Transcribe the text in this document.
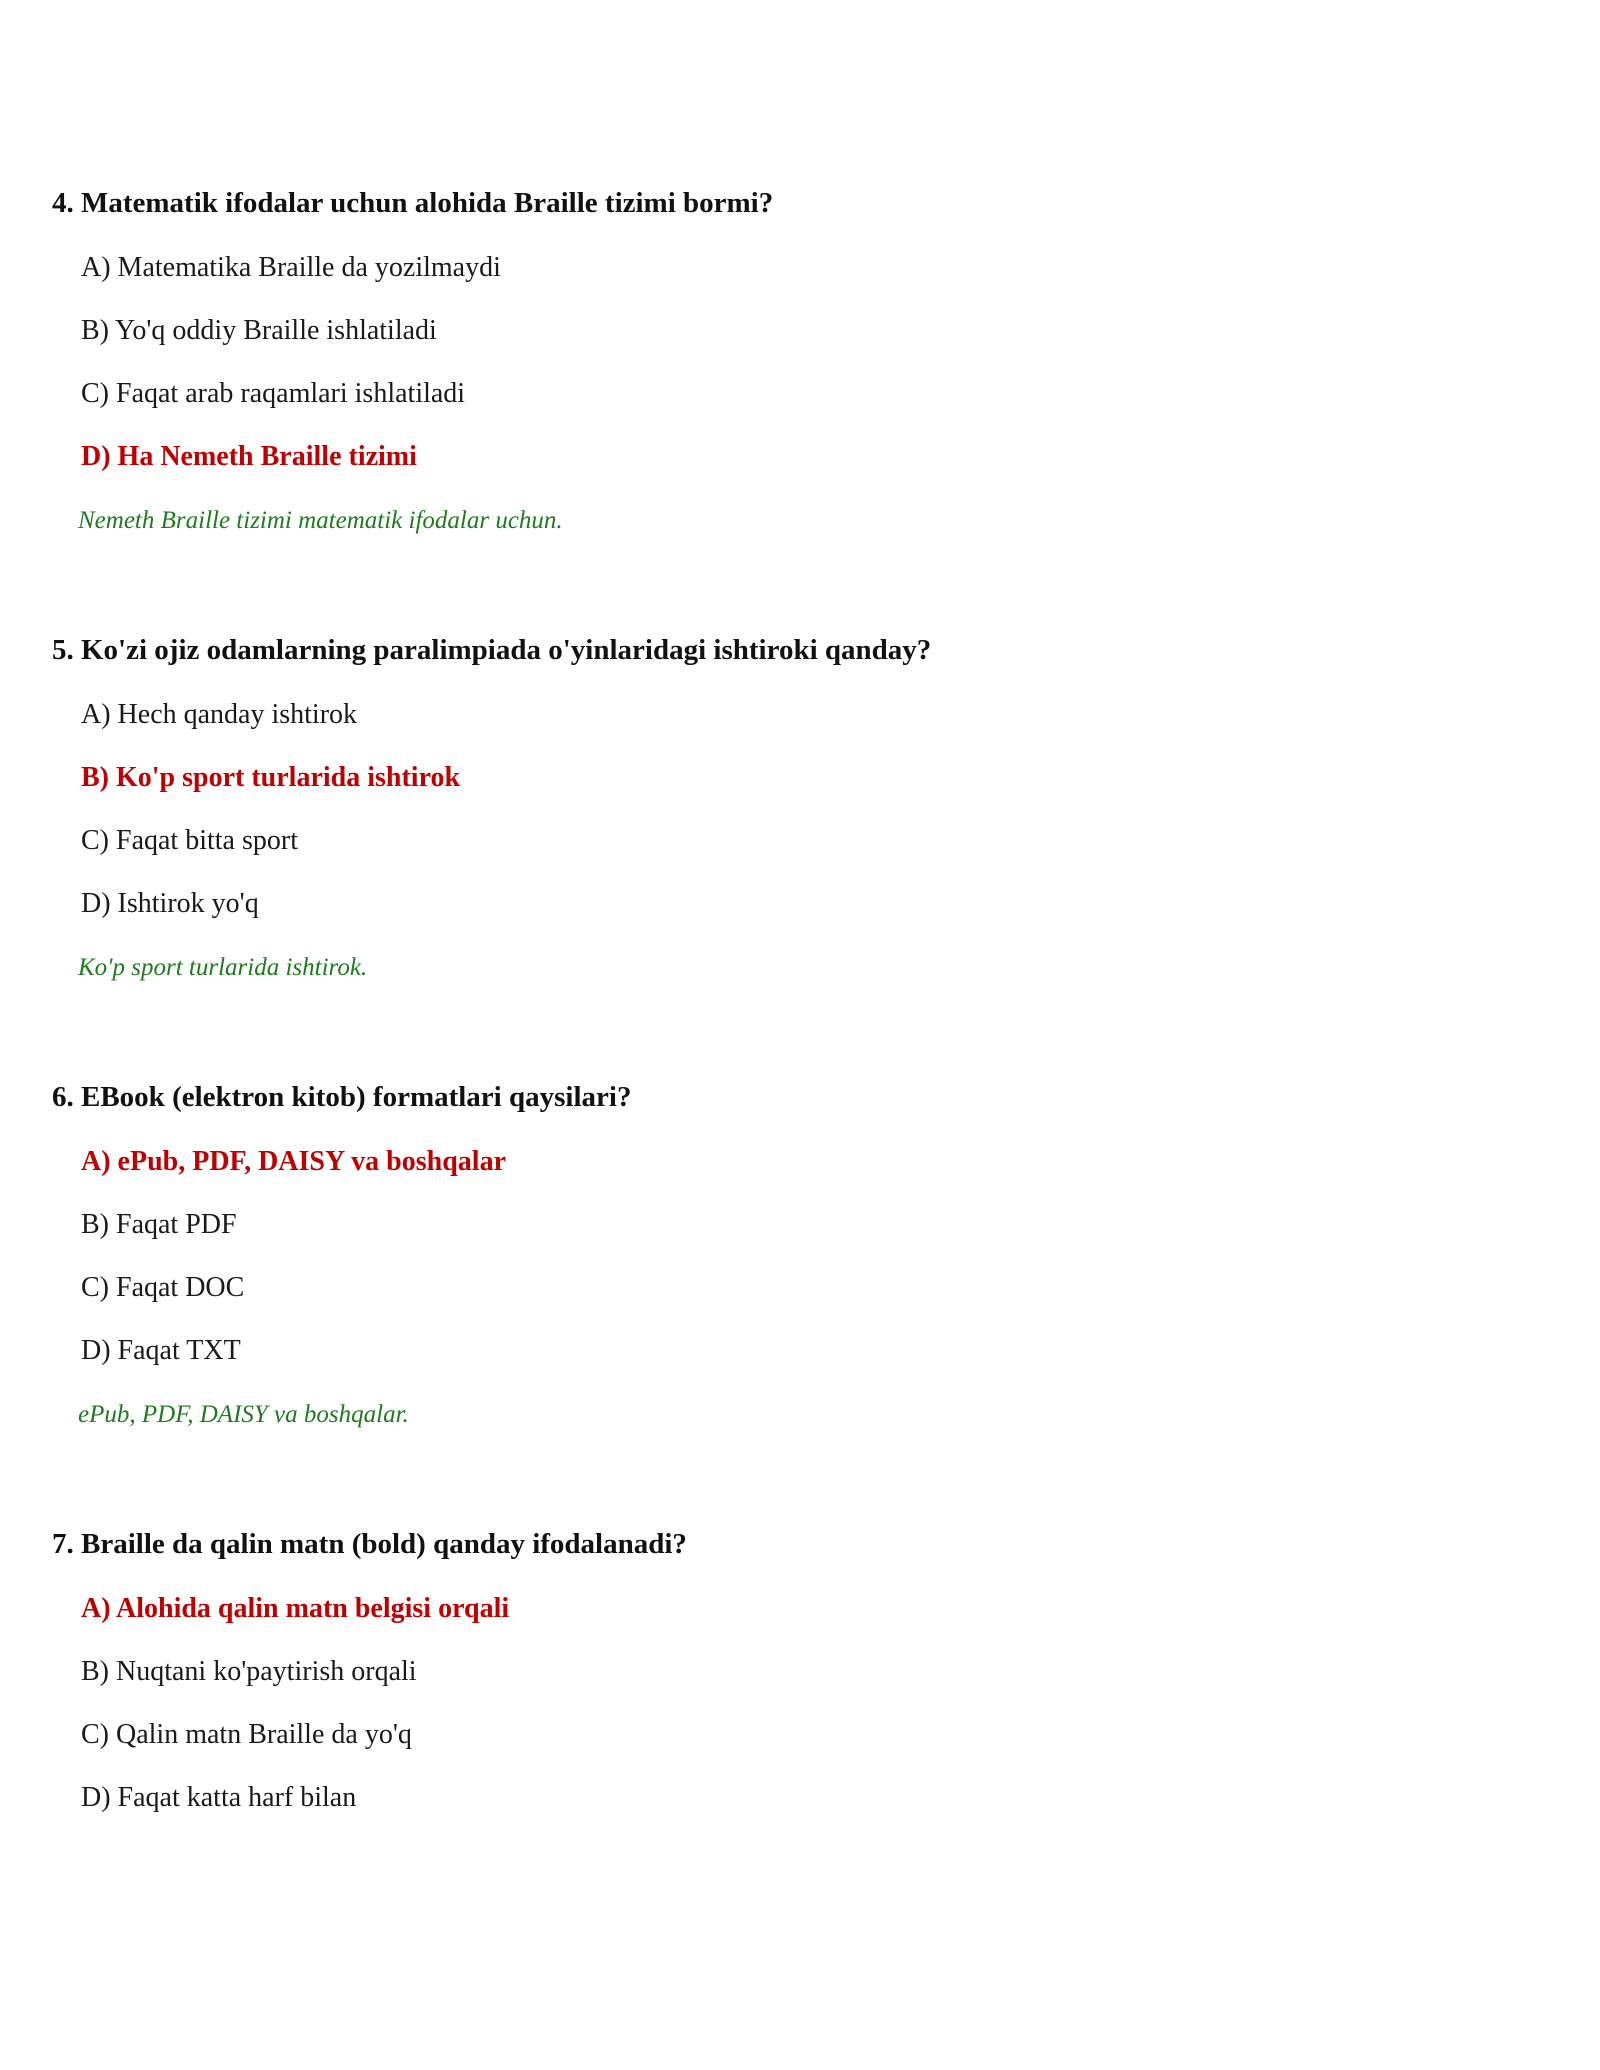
4. Matematik ifodalar uchun alohida Braille tizimi bormi?

A) Matematika Braille da yozilmaydi

B) Yo'q oddiy Braille ishlatiladi

C) Faqat arab raqamlari ishlatiladi

D) Ha Nemeth Braille tizimi

Nemeth Braille tizimi matematik ifodalar uchun.

5. Ko'zi ojiz odamlarning paralimpiada o'yinlaridagi ishtiroki qanday?

A) Hech qanday ishtirok

B) Ko'p sport turlarida ishtirok

C) Faqat bitta sport

D) Ishtirok yo'q

Ko'p sport turlarida ishtirok.

6. EBook (elektron kitob) formatlari qaysilari?

A) ePub, PDF, DAISY va boshqalar

B) Faqat PDF

C) Faqat DOC

D) Faqat TXT

ePub, PDF, DAISY va boshqalar.

7. Braille da qalin matn (bold) qanday ifodalanadi?

A) Alohida qalin matn belgisi orqali

B) Nuqtani ko'paytirish orqali

C) Qalin matn Braille da yo'q

D) Faqat katta harf bilan
